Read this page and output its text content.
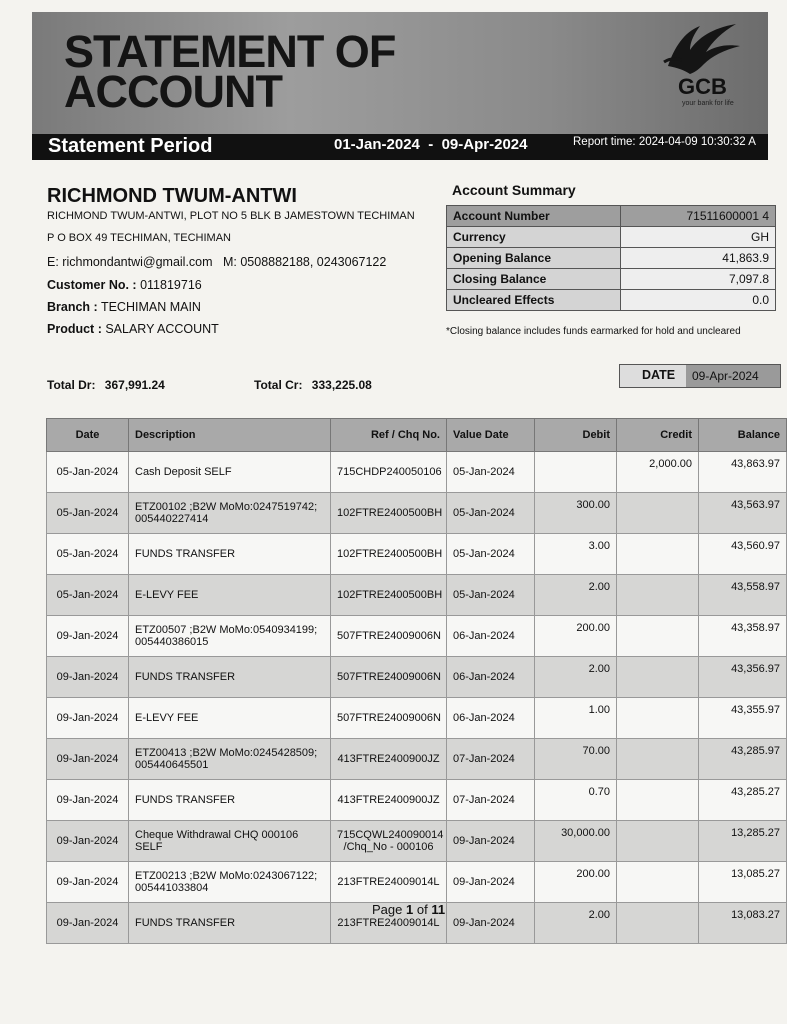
STATEMENT OF
ACCOUNT	GCB
your bank for life
Statement Period	01-Jan-2024 - 09-Apr-2024	Report time: 2024-04-09 10:30:32 A
RICHMOND TWUM-ANTWI
RICHMOND TWUM-ANTWI, PLOT NO 5 BLK B JAMESTOWN TECHIMAN
P O BOX 49 TECHIMAN, TECHIMAN
E: richmondantwi@gmail.com M: 0508882188, 0243067122
Customer No. : 011819716
Branch : TECHIMAN MAIN
Product : SALARY ACCOUNT
Account Summary
Account Number	71511600001 4
Currency	GH
Opening Balance	41,863.9
Closing Balance	7,097.8
Uncleared Effects	0.0
*Closing balance includes funds earmarked for hold and uncleared
DATE	09-Apr-2024
Total Dr: 367,991.24	Total Cr: 333,225.08
Date	Description	Ref / Chq No.	Value Date	Debit	Credit	Balance
05-Jan-2024	Cash Deposit SELF	715CHDP240050106	05-Jan-2024		2,000.00	43,863.97
05-Jan-2024	ETZ00102 ;B2W MoMo:0247519742; 005440227414	102FTRE2400500BH	05-Jan-2024	300.00		43,563.97
05-Jan-2024	FUNDS TRANSFER	102FTRE2400500BH	05-Jan-2024	3.00		43,560.97
05-Jan-2024	E-LEVY FEE	102FTRE2400500BH	05-Jan-2024	2.00		43,558.97
09-Jan-2024	ETZ00507 ;B2W MoMo:0540934199; 005440386015	507FTRE24009006N	06-Jan-2024	200.00		43,358.97
09-Jan-2024	FUNDS TRANSFER	507FTRE24009006N	06-Jan-2024	2.00		43,356.97
09-Jan-2024	E-LEVY FEE	507FTRE24009006N	06-Jan-2024	1.00		43,355.97
09-Jan-2024	ETZ00413 ;B2W MoMo:0245428509; 005440645501	413FTRE2400900JZ	07-Jan-2024	70.00		43,285.97
09-Jan-2024	FUNDS TRANSFER	413FTRE2400900JZ	07-Jan-2024	0.70		43,285.27
09-Jan-2024	Cheque Withdrawal CHQ 000106 SELF	715CQWL240090014 /Chq_No - 000106	09-Jan-2024	30,000.00		13,285.27
09-Jan-2024	ETZ00213 ;B2W MoMo:0243067122; 005441033804	213FTRE24009014L	09-Jan-2024	200.00		13,085.27
09-Jan-2024	FUNDS TRANSFER	213FTRE24009014L	09-Jan-2024	2.00		13,083.27
Page 1 of 11
